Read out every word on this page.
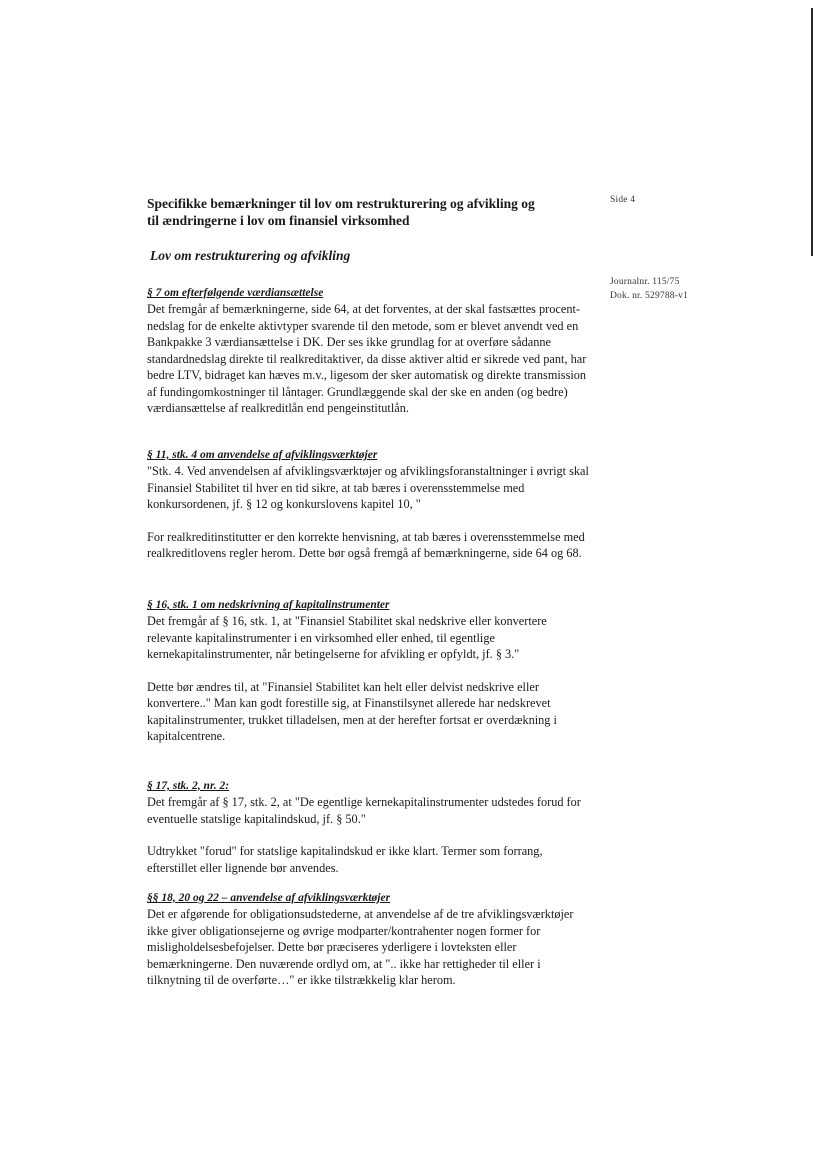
Side 4
Journalnr. 115/75
Dok. nr. 529788-v1
Specifikke bemærkninger til lov om restrukturering og afvikling og
til ændringerne i lov om finansiel virksomhed
Lov om restrukturering og afvikling
§ 7 om efterfølgende værdiansættelse

Det fremgår af bemærkningerne, side 64, at det forventes, at der skal fastsættes procent-nedslag for de enkelte aktivtyper svarende til den metode, som er blevet anvendt ved en Bankpakke 3 værdiansættelse i DK. Der ses ikke grundlag for at overføre sådanne standardnedslag direkte til realkreditaktiver, da disse aktiver altid er sikrede ved pant, har bedre LTV, bidraget kan hæves m.v., ligesom der sker automatisk og direkte transmission af fundingomkostninger til låntager. Grundlæggende skal der ske en anden (og bedre) værdiansættelse af realkreditlån end pengeinstitutlån.

§ 11, stk. 4 om anvendelse af afviklingsværktøjer

"Stk. 4. Ved anvendelsen af afviklingsværktøjer og afviklingsforanstaltninger i øvrigt skal Finansiel Stabilitet til hver en tid sikre, at tab bæres i overensstemmelse med konkursordenen, jf. § 12 og konkurslovens kapitel 10, "

For realkreditinstitutter er den korrekte henvisning, at tab bæres i overensstemmelse med realkreditlovens regler herom. Dette bør også fremgå af bemærkningerne, side 64 og 68.

§ 16, stk. 1 om nedskrivning af kapitalinstrumenter

Det fremgår af § 16, stk. 1, at "Finansiel Stabilitet skal nedskrive eller konvertere relevante kapitalinstrumenter i en virksomhed eller enhed, til egentlige kernekapitalinstrumenter, når betingelserne for afvikling er opfyldt, jf. § 3."

Dette bør ændres til, at "Finansiel Stabilitet kan helt eller delvist nedskrive eller konvertere.." Man kan godt forestille sig, at Finanstilsynet allerede har nedskrevet kapitalinstrumenter, trukket tilladelsen, men at der herefter fortsat er overdækning i kapitalcentrene.

§ 17, stk. 2, nr. 2:

Det fremgår af § 17, stk. 2, at "De egentlige kernekapitalinstrumenter udstedes forud for eventuelle statslige kapitalindskud, jf. § 50."

Udtrykket "forud" for statslige kapitalindskud er ikke klart. Termer som forrang, efterstillet eller lignende bør anvendes.

§§ 18, 20 og 22 – anvendelse af afviklingsværktøjer

Det er afgørende for obligationsudstederne, at anvendelse af de tre afviklingsværktøjer ikke giver obligationsejerne og øvrige modparter/kontrahenter nogen former for misligholdelsesbefojelser. Dette bør præciseres yderligere i lovteksten eller bemærkningerne. Den nuværende ordlyd om, at ".. ikke har rettigheder til eller i tilknytning til de overførte…" er ikke tilstrækkelig klar herom.
